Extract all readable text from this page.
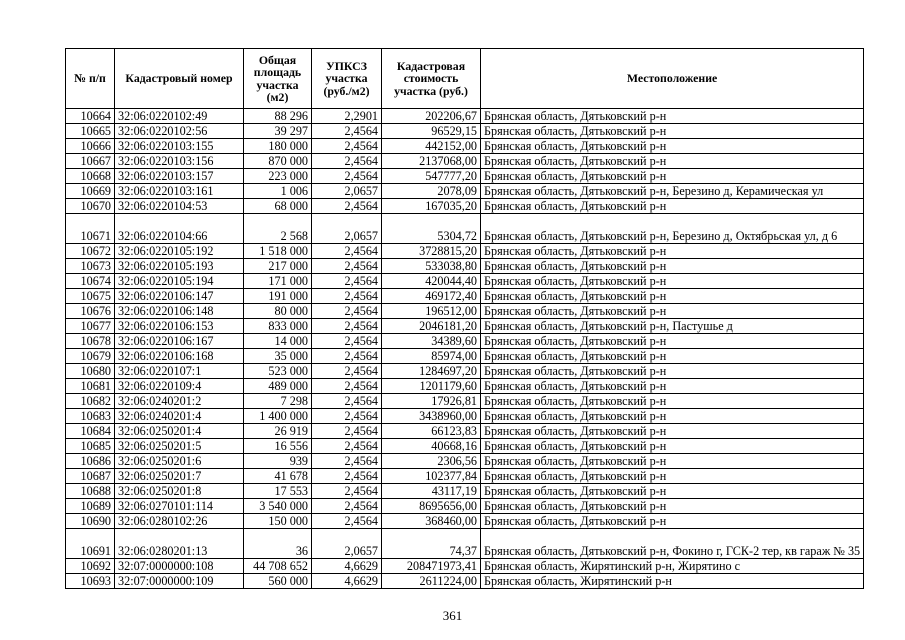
№ п/п	Кадастровый номер	Общая площадь участка (м2)	УПКСЗ участка (руб./м2)	Кадастровая стоимость участка (руб.)	Местоположение
10664	32:06:0220102:49	88 296	2,2901	202206,67	Брянская область, Дятьковский р-н
10665	32:06:0220102:56	39 297	2,4564	96529,15	Брянская область, Дятьковский р-н
10666	32:06:0220103:155	180 000	2,4564	442152,00	Брянская область, Дятьковский р-н
10667	32:06:0220103:156	870 000	2,4564	2137068,00	Брянская область, Дятьковский р-н
10668	32:06:0220103:157	223 000	2,4564	547777,20	Брянская область, Дятьковский р-н
10669	32:06:0220103:161	1 006	2,0657	2078,09	Брянская область, Дятьковский р-н, Березино д, Керамическая ул
10670	32:06:0220104:53	68 000	2,4564	167035,20	Брянская область, Дятьковский р-н
10671	32:06:0220104:66	2 568	2,0657	5304,72	Брянская область, Дятьковский р-н, Березино д, Октябрьская ул, д 6
10672	32:06:0220105:192	1 518 000	2,4564	3728815,20	Брянская область, Дятьковский р-н
10673	32:06:0220105:193	217 000	2,4564	533038,80	Брянская область, Дятьковский р-н
10674	32:06:0220105:194	171 000	2,4564	420044,40	Брянская область, Дятьковский р-н
10675	32:06:0220106:147	191 000	2,4564	469172,40	Брянская область, Дятьковский р-н
10676	32:06:0220106:148	80 000	2,4564	196512,00	Брянская область, Дятьковский р-н
10677	32:06:0220106:153	833 000	2,4564	2046181,20	Брянская область, Дятьковский р-н, Пастушье д
10678	32:06:0220106:167	14 000	2,4564	34389,60	Брянская область, Дятьковский р-н
10679	32:06:0220106:168	35 000	2,4564	85974,00	Брянская область, Дятьковский р-н
10680	32:06:0220107:1	523 000	2,4564	1284697,20	Брянская область, Дятьковский р-н
10681	32:06:0220109:4	489 000	2,4564	1201179,60	Брянская область, Дятьковский р-н
10682	32:06:0240201:2	7 298	2,4564	17926,81	Брянская область, Дятьковский р-н
10683	32:06:0240201:4	1 400 000	2,4564	3438960,00	Брянская область, Дятьковский р-н
10684	32:06:0250201:4	26 919	2,4564	66123,83	Брянская область, Дятьковский р-н
10685	32:06:0250201:5	16 556	2,4564	40668,16	Брянская область, Дятьковский р-н
10686	32:06:0250201:6	939	2,4564	2306,56	Брянская область, Дятьковский р-н
10687	32:06:0250201:7	41 678	2,4564	102377,84	Брянская область, Дятьковский р-н
10688	32:06:0250201:8	17 553	2,4564	43117,19	Брянская область, Дятьковский р-н
10689	32:06:0270101:114	3 540 000	2,4564	8695656,00	Брянская область, Дятьковский р-н
10690	32:06:0280102:26	150 000	2,4564	368460,00	Брянская область, Дятьковский р-н
10691	32:06:0280201:13	36	2,0657	74,37	Брянская область, Дятьковский р-н, Фокино г, ГСК-2 тер, кв гараж № 35
10692	32:07:0000000:108	44 708 652	4,6629	208471973,41	Брянская область, Жирятинский р-н, Жирятино с
10693	32:07:0000000:109	560 000	4,6629	2611224,00	Брянская область, Жирятинский р-н
361
